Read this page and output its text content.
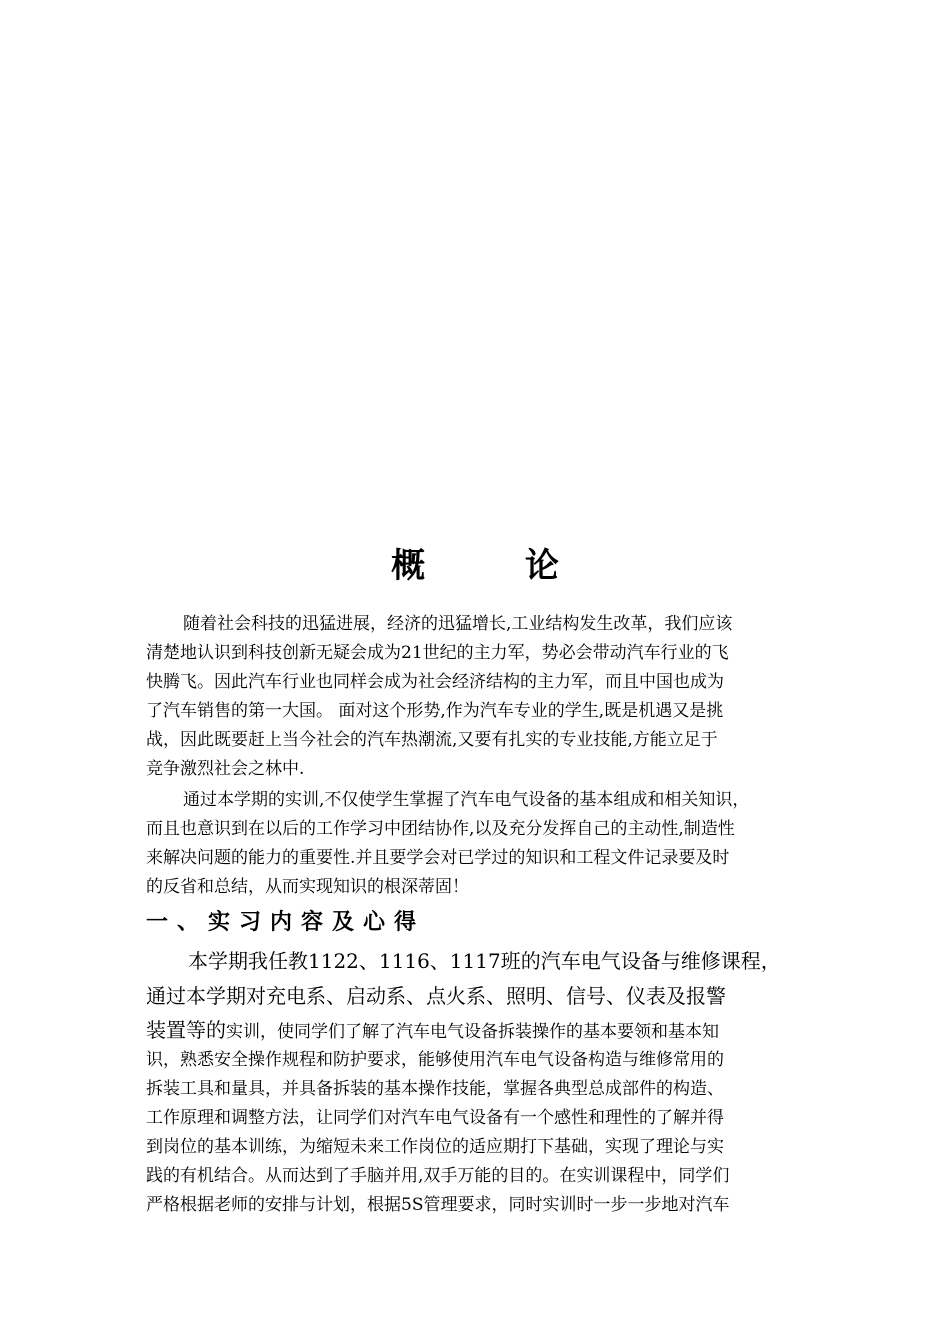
概 论
随着社会科技的迅猛进展，经济的迅猛增长,工业结构发生改革，我们应该
清楚地认识到科技创新无疑会成为21世纪的主力军，势必会带动汽车行业的飞
快腾飞。因此汽车行业也同样会成为社会经济结构的主力军，而且中国也成为
了汽车销售的第一大国。 面对这个形势,作为汽车专业的学生,既是机遇又是挑
战，因此既要赶上当今社会的汽车热潮流,又要有扎实的专业技能,方能立足于
竞争激烈社会之林中.
通过本学期的实训,不仅使学生掌握了汽车电气设备的基本组成和相关知识，
而且也意识到在以后的工作学习中团结协作,以及充分发挥自己的主动性,制造性
来解决问题的能力的重要性.并且要学会对已学过的知识和工程文件记录要及时
的反省和总结，从而实现知识的根深蒂固！
一、实习内容及心得
本学期我任教1122、1116、1117班的汽车电气设备与维修课程，
通过本学期对充电系、启动系、点火系、照明、信号、仪表及报警
装置等的实训，使同学们了解了汽车电气设备拆装操作的基本要领和基本知
识，熟悉安全操作规程和防护要求，能够使用汽车电气设备构造与维修常用的
拆装工具和量具，并具备拆装的基本操作技能，掌握各典型总成部件的构造、
工作原理和调整方法，让同学们对汽车电气设备有一个感性和理性的了解并得
到岗位的基本训练，为缩短未来工作岗位的适应期打下基础，实现了理论与实
践的有机结合。从而达到了手脑并用,双手万能的目的。在实训课程中，同学们
严格根据老师的安排与计划，根据5S管理要求，同时实训时一步一步地对汽车
